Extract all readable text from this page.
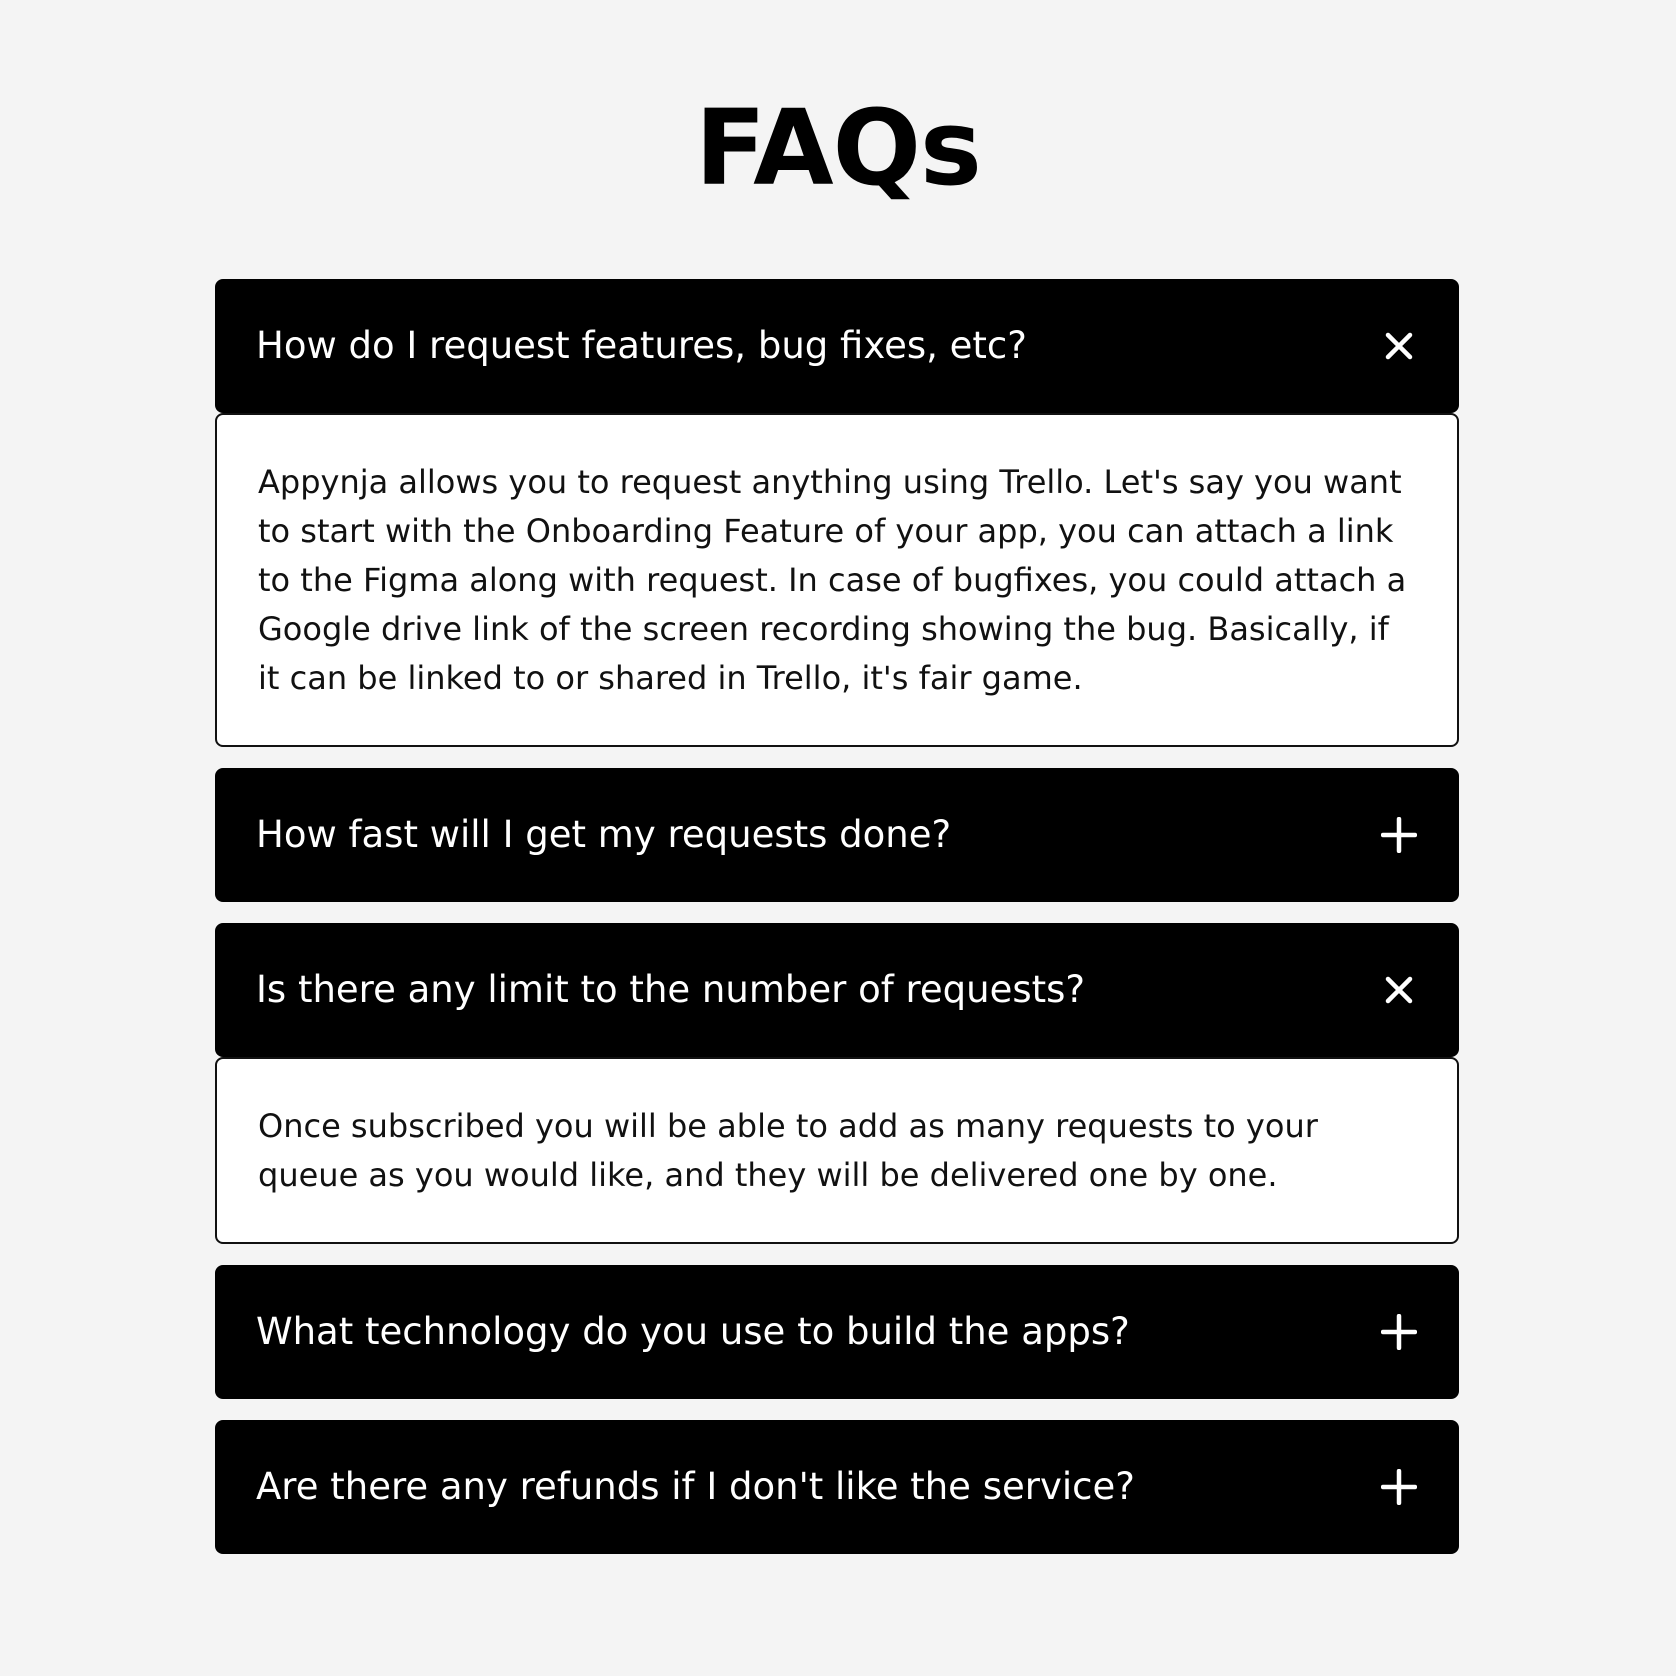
FAQs
How do I request features, bug fixes, etc?
Appynja allows you to request anything using Trello. Let's say you want to start with the Onboarding Feature of your app, you can attach a link to the Figma along with request. In case of bugfixes, you could attach a Google drive link of the screen recording showing the bug. Basically, if it can be linked to or shared in Trello, it's fair game.
How fast will I get my requests done?
Is there any limit to the number of requests?
Once subscribed you will be able to add as many requests to your queue as you would like, and they will be delivered one by one.
What technology do you use to build the apps?
Are there any refunds if I don't like the service?
